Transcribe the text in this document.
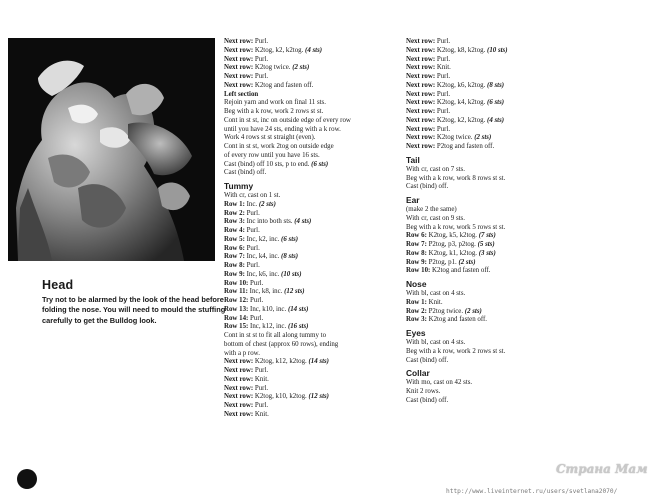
Head

Try not to be alarmed by the look of the head before folding the nose. You will need to mould the stuffing carefully to get the Bulldog look.

Next row: Purl.
Next row: K2tog, k2, k2tog. (4 sts)
Next row: Purl.
Next row: K2tog twice. (2 sts)
Next row: Purl.
Next row: K2tog and fasten off.
Left section
Rejoin yarn and work on final 11 sts.
Beg with a k row, work 2 rows st st.
Cont in st st, inc on outside edge of every row
until you have 24 sts, ending with a k row.
Work 4 rows st st straight (even).
Cont in st st, work 2tog on outside edge
of every row until you have 16 sts.
Cast (bind) off 10 sts, p to end. (6 sts)
Cast (bind) off.
Tummy
With cr, cast on 1 st.
Row 1: Inc. (2 sts)
Row 2: Purl.
Row 3: Inc into both sts. (4 sts)
Row 4: Purl.
Row 5: Inc, k2, inc. (6 sts)
Row 6: Purl.
Row 7: Inc, k4, inc. (8 sts)
Row 8: Purl.
Row 9: Inc, k6, inc. (10 sts)
Row 10: Purl.
Row 11: Inc, k8, inc. (12 sts)
Row 12: Purl.
Row 13: Inc, k10, inc. (14 sts)
Row 14: Purl.
Row 15: Inc, k12, inc. (16 sts)
Cont in st st to fit all along tummy to
bottom of chest (approx 60 rows), ending
with a p row.
Next row: K2tog, k12, k2tog. (14 sts)
Next row: Purl.
Next row: Knit.
Next row: Purl.
Next row: K2tog, k10, k2tog. (12 sts)
Next row: Purl.
Next row: Knit.
Next row: Purl.
Next row: K2tog, k8, k2tog. (10 sts)
Next row: Purl.
Next row: Knit.
Next row: Purl.
Next row: K2tog, k6, k2tog. (8 sts)
Next row: Purl.
Next row: K2tog, k4, k2tog. (6 sts)
Next row: Purl.
Next row: K2tog, k2, k2tog. (4 sts)
Next row: Purl.
Next row: K2tog twice. (2 sts)
Next row: P2tog and fasten off.
Tail
With cr, cast on 7 sts.
Beg with a k row, work 8 rows st st.
Cast (bind) off.
Ear
(make 2 the same)
With cr, cast on 9 sts.
Beg with a k row, work 5 rows st st.
Row 6: K2tog, k5, k2tog. (7 sts)
Row 7: P2tog, p3, p2tog. (5 sts)
Row 8: K2tog, k1, k2tog. (3 sts)
Row 9: P2tog, p1. (2 sts)
Row 10: K2tog and fasten off.
Nose
With bl, cast on 4 sts.
Row 1: Knit.
Row 2: P2tog twice. (2 sts)
Row 3: K2tog and fasten off.
Eyes
With bl, cast on 4 sts.
Beg with a k row, work 2 rows st st.
Cast (bind) off.
Collar
With mo, cast on 42 sts.
Knit 2 rows.
Cast (bind) off.
Страна Мам
http://www.liveinternet.ru/users/svetlana2070/
